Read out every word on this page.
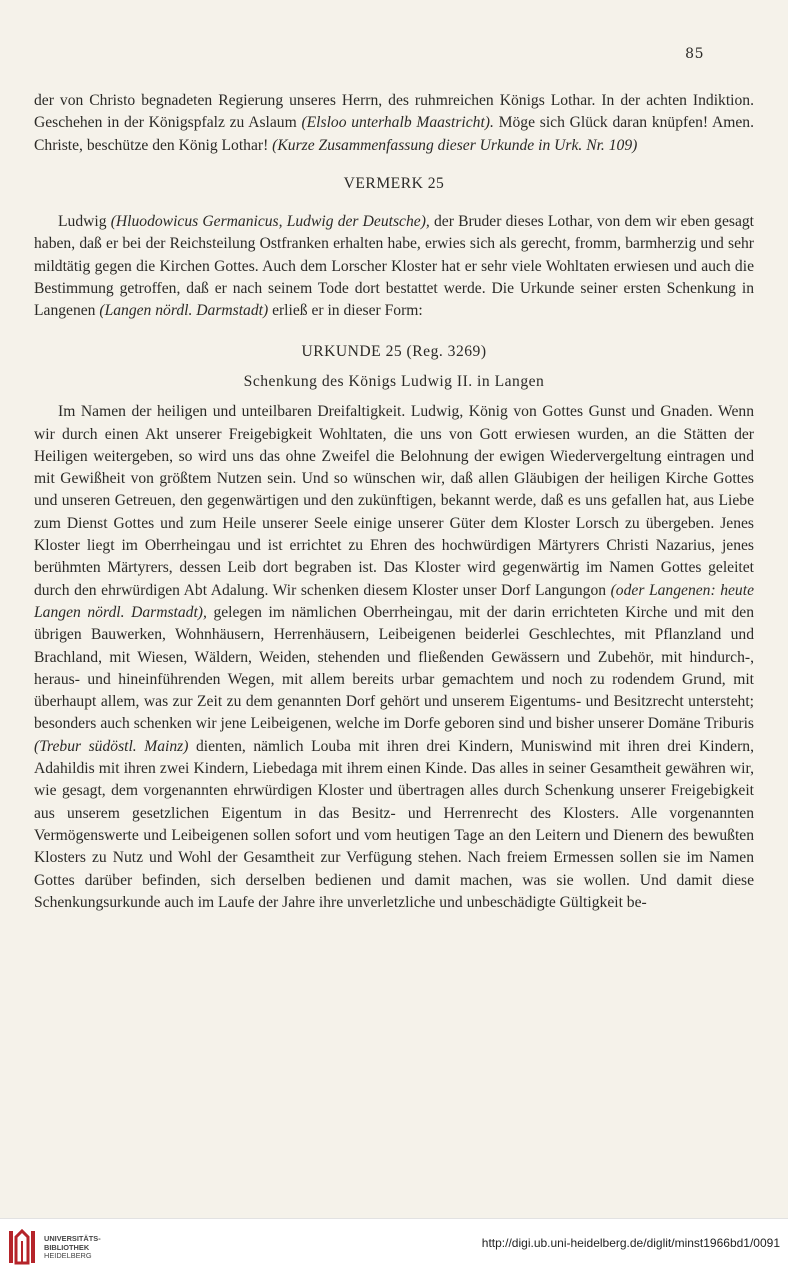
85

der von Christo begnadeten Regierung unseres Herrn, des ruhmreichen Königs Lothar. In der achten Indiktion. Geschehen in der Königspfalz zu Aslaum (Elsloo unterhalb Maastricht). Möge sich Glück daran knüpfen! Amen. Christe, beschütze den König Lothar! (Kurze Zusammenfassung dieser Urkunde in Urk. Nr. 109)

VERMERK 25

Ludwig (Hluodowicus Germanicus, Ludwig der Deutsche), der Bruder dieses Lothar, von dem wir eben gesagt haben, daß er bei der Reichsteilung Ostfranken erhalten habe, erwies sich als gerecht, fromm, barmherzig und sehr mildtätig gegen die Kirchen Gottes. Auch dem Lorscher Kloster hat er sehr viele Wohltaten erwiesen und auch die Bestimmung getroffen, daß er nach seinem Tode dort bestattet werde. Die Urkunde seiner ersten Schenkung in Langenen (Langen nördl. Darmstadt) erließ er in dieser Form:

URKUNDE 25 (Reg. 3269)
Schenkung des Königs Ludwig II. in Langen

Im Namen der heiligen und unteilbaren Dreifaltigkeit. Ludwig, König von Gottes Gunst und Gnaden. Wenn wir durch einen Akt unserer Freigebigkeit Wohltaten, die uns von Gott erwiesen wurden, an die Stätten der Heiligen weitergeben, so wird uns das ohne Zweifel die Belohnung der ewigen Wiedervergeltung eintragen und mit Gewißheit von größtem Nutzen sein. Und so wünschen wir, daß allen Gläubigen der heiligen Kirche Gottes und unseren Getreuen, den gegenwärtigen und den zukünftigen, bekannt werde, daß es uns gefallen hat, aus Liebe zum Dienst Gottes und zum Heile unserer Seele einige unserer Güter dem Kloster Lorsch zu übergeben. Jenes Kloster liegt im Oberrheingau und ist errichtet zu Ehren des hochwürdigen Märtyrers Christi Nazarius, jenes berühmten Märtyrers, dessen Leib dort begraben ist. Das Kloster wird gegenwärtig im Namen Gottes geleitet durch den ehrwürdigen Abt Adalung. Wir schenken diesem Kloster unser Dorf Langungon (oder Langenen: heute Langen nördl. Darmstadt), gelegen im nämlichen Oberrheingau, mit der darin errichteten Kirche und mit den übrigen Bauwerken, Wohnhäusern, Herrenhäusern, Leibeigenen beiderlei Geschlechtes, mit Pflanzland und Brachland, mit Wiesen, Wäldern, Weiden, stehenden und fließenden Gewässern und Zubehör, mit hindurch-, heraus- und hineinführenden Wegen, mit allem bereits urbar gemachtem und noch zu rodendem Grund, mit überhaupt allem, was zur Zeit zu dem genannten Dorf gehört und unserem Eigentums- und Besitzrecht untersteht; besonders auch schenken wir jene Leibeigenen, welche im Dorfe geboren sind und bisher unserer Domäne Triburis (Trebur südöstl. Mainz) dienten, nämlich Louba mit ihren drei Kindern, Muniswind mit ihren drei Kindern, Adahildis mit ihren zwei Kindern, Liebedaga mit ihrem einen Kinde. Das alles in seiner Gesamtheit gewähren wir, wie gesagt, dem vorgenannten ehrwürdigen Kloster und übertragen alles durch Schenkung unserer Freigebigkeit aus unserem gesetzlichen Eigentum in das Besitz- und Herrenrecht des Klosters. Alle vorgenannten Vermögenswerte und Leibeigenen sollen sofort und vom heutigen Tage an den Leitern und Dienern des bewußten Klosters zu Nutz und Wohl der Gesamtheit zur Verfügung stehen. Nach freiem Ermessen sollen sie im Namen Gottes darüber befinden, sich derselben bedienen und damit machen, was sie wollen. Und damit diese Schenkungsurkunde auch im Laufe der Jahre ihre unverletzliche und unbeschädigte Gültigkeit be-

UNIVERSITÄTS-
BIBLIOTHEK
HEIDELBERG
http://digi.ub.uni-heidelberg.de/diglit/minst1966bd1/0091
